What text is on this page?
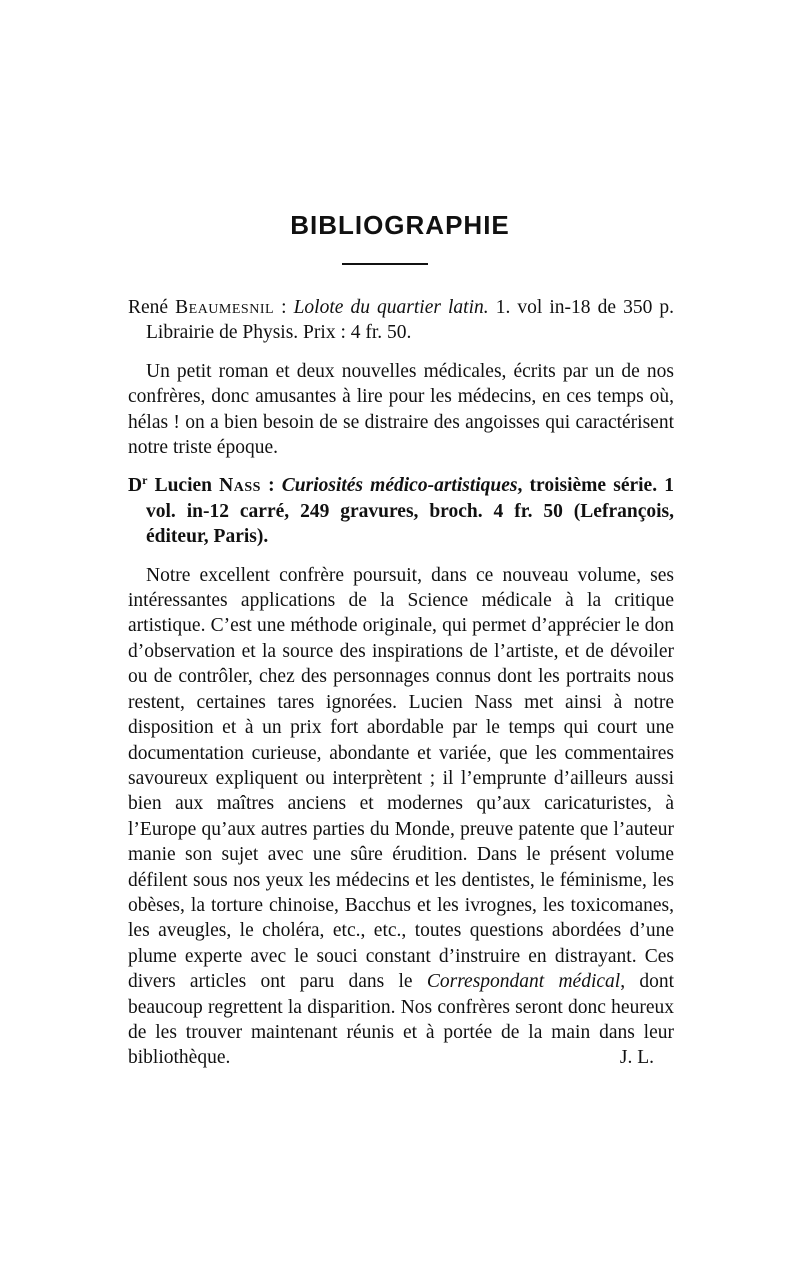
BIBLIOGRAPHIE

René Beaumesnil : Lolote du quartier latin. 1. vol in-18 de 350 p. Librairie de Physis. Prix : 4 fr. 50.

Un petit roman et deux nouvelles médicales, écrits par un de nos confrères, donc amusantes à lire pour les médecins, en ces temps où, hélas ! on a bien besoin de se distraire des angoisses qui caractérisent notre triste époque.

$D^r$ Lucien Nass : Curiosités médico-artistiques, troisième série. 1 vol. in-12 carré, 249 gravures, broch. 4 fr. 50 (Lefrançois, éditeur, Paris).

Notre excellent confrère poursuit, dans ce nouveau volume, ses intéressantes applications de la Science médicale à la critique artistique. C’est une méthode originale, qui permet d’apprécier le don d’observation et la source des inspirations de l’artiste, et de dévoiler ou de contrôler, chez des personnages connus dont les portraits nous restent, certaines tares ignorées. Lucien Nass met ainsi à notre disposition et à un prix fort abordable par le temps qui court une documentation curieuse, abondante et variée, que les commentaires savoureux expliquent ou interprètent ; il l’emprunte d’ailleurs aussi bien aux maîtres anciens et modernes qu’aux caricaturistes, à l’Europe qu’aux autres parties du Monde, preuve patente que l’auteur manie son sujet avec une sûre érudition. Dans le présent volume défilent sous nos yeux les médecins et les dentistes, le féminisme, les obèses, la torture chinoise, Bacchus et les ivrognes, les toxicomanes, les aveugles, le choléra, etc., etc., toutes questions abordées d’une plume experte avec le souci constant d’instruire en distrayant. Ces divers articles ont paru dans le Correspondant médical, dont beaucoup regrettent la disparition. Nos confrères seront donc heureux de les trouver maintenant réunis et à portée de la main dans leur bibliothèque.	J. L.
